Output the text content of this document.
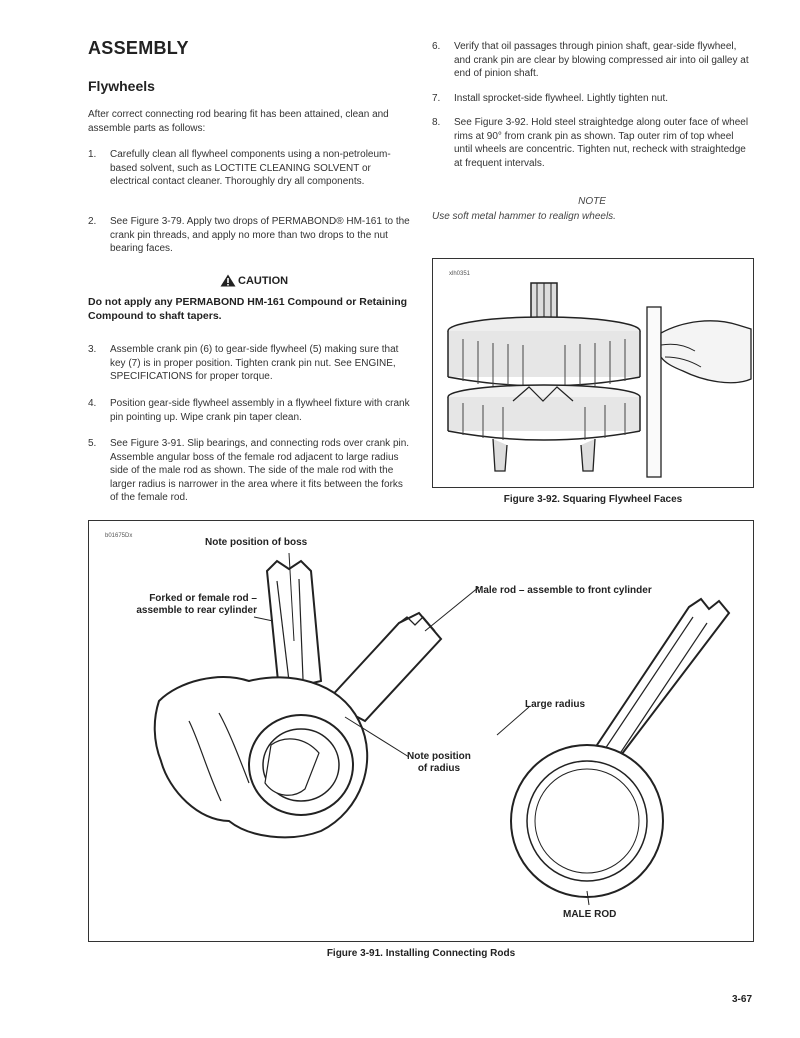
ASSEMBLY
Flywheels
After correct connecting rod bearing fit has been attained, clean and assemble parts as follows:
1.	Carefully clean all flywheel components using a non-petroleum-based solvent, such as LOCTITE CLEANING SOLVENT or electrical contact cleaner. Thoroughly dry all components.
2.	See Figure 3-79. Apply two drops of PERMABOND® HM-161 to the crank pin threads, and apply no more than two drops to the nut bearing faces.
CAUTION
Do not apply any PERMABOND HM-161 Compound or Retaining Compound to shaft tapers.
3.	Assemble crank pin (6) to gear-side flywheel (5) making sure that key (7) is in proper position. Tighten crank pin nut. See ENGINE, SPECIFICATIONS for proper torque.
4.	Position gear-side flywheel assembly in a flywheel fixture with crank pin pointing up. Wipe crank pin taper clean.
5.	See Figure 3-91. Slip bearings, and connecting rods over crank pin. Assemble angular boss of the female rod adjacent to large radius side of the male rod as shown. The side of the male rod with the larger radius is narrower in the area where it fits between the forks of the female rod.
6.	Verify that oil passages through pinion shaft, gear-side flywheel, and crank pin are clear by blowing compressed air into oil galley at end of pinion shaft.
7.	Install sprocket-side flywheel. Lightly tighten nut.
8.	See Figure 3-92. Hold steel straightedge along outer face of wheel rims at 90° from crank pin as shown. Tap outer rim of top wheel until wheels are concentric. Tighten nut, recheck with straightedge at frequent intervals.
NOTE
Use soft metal hammer to realign wheels.
xlh0351
Figure 3-92. Squaring Flywheel Faces
b01675Dx
Note position of boss
Forked or female rod –
assemble to rear cylinder
Male rod – assemble to front cylinder
Large radius
Note position
of radius
MALE ROD
Figure 3-91. Installing Connecting Rods
3-67
